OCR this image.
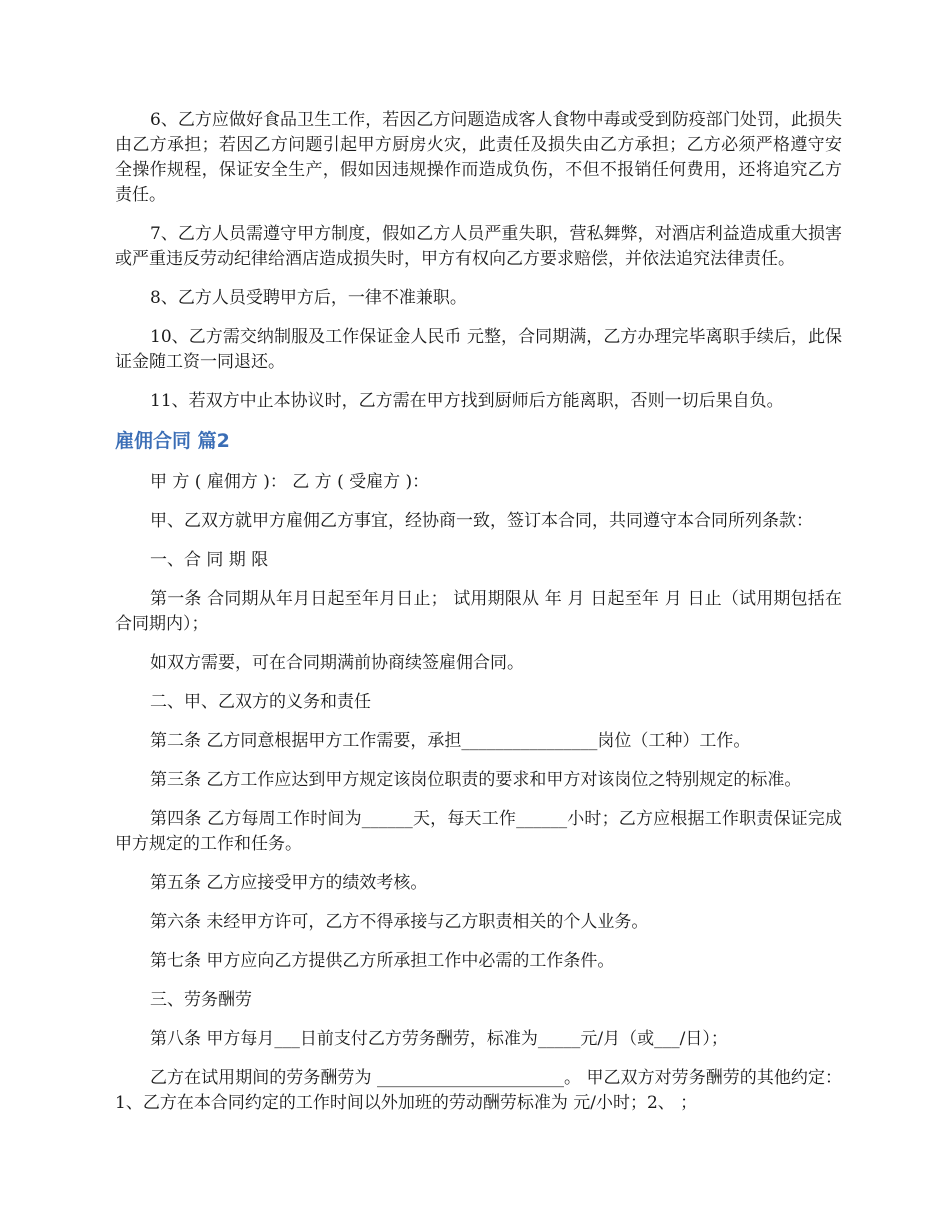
6、乙方应做好食品卫生工作，若因乙方问题造成客人食物中毒或受到防疫部门处罚，此损失由乙方承担；若因乙方问题引起甲方厨房火灾，此责任及损失由乙方承担；乙方必须严格遵守安全操作规程，保证安全生产，假如因违规操作而造成负伤，不但不报销任何费用，还将追究乙方责任。

7、乙方人员需遵守甲方制度，假如乙方人员严重失职，营私舞弊，对酒店利益造成重大损害或严重违反劳动纪律给酒店造成损失时，甲方有权向乙方要求赔偿，并依法追究法律责任。

8、乙方人员受聘甲方后，一律不准兼职。

10、乙方需交纳制服及工作保证金人民币 元整，合同期满，乙方办理完毕离职手续后，此保证金随工资一同退还。

11、若双方中止本协议时，乙方需在甲方找到厨师后方能离职，否则一切后果自负。

雇佣合同 篇2

甲 方 ( 雇佣方 )： 乙 方 ( 受雇方 )：

甲、乙双方就甲方雇佣乙方事宜，经协商一致，签订本合同，共同遵守本合同所列条款：

一、合 同 期 限

第一条 合同期从年月日起至年月日止； 试用期限从 年 月 日起至年 月 日止（试用期包括在合同期内）；

如双方需要，可在合同期满前协商续签雇佣合同。

二、甲、乙双方的义务和责任

第二条 乙方同意根据甲方工作需要，承担________________岗位（工种）工作。

第三条 乙方工作应达到甲方规定该岗位职责的要求和甲方对该岗位之特别规定的标准。

第四条 乙方每周工作时间为______天，每天工作______小时；乙方应根据工作职责保证完成甲方规定的工作和任务。

第五条 乙方应接受甲方的绩效考核。

第六条 未经甲方许可，乙方不得承接与乙方职责相关的个人业务。

第七条 甲方应向乙方提供乙方所承担工作中必需的工作条件。

三、劳务酬劳

第八条 甲方每月___日前支付乙方劳务酬劳，标准为_____元/月（或___/日）；

乙方在试用期间的劳务酬劳为 ______________________。 甲乙双方对劳务酬劳的其他约定： 1、乙方在本合同约定的工作时间以外加班的劳动酬劳标准为 元/小时；2、 ；
